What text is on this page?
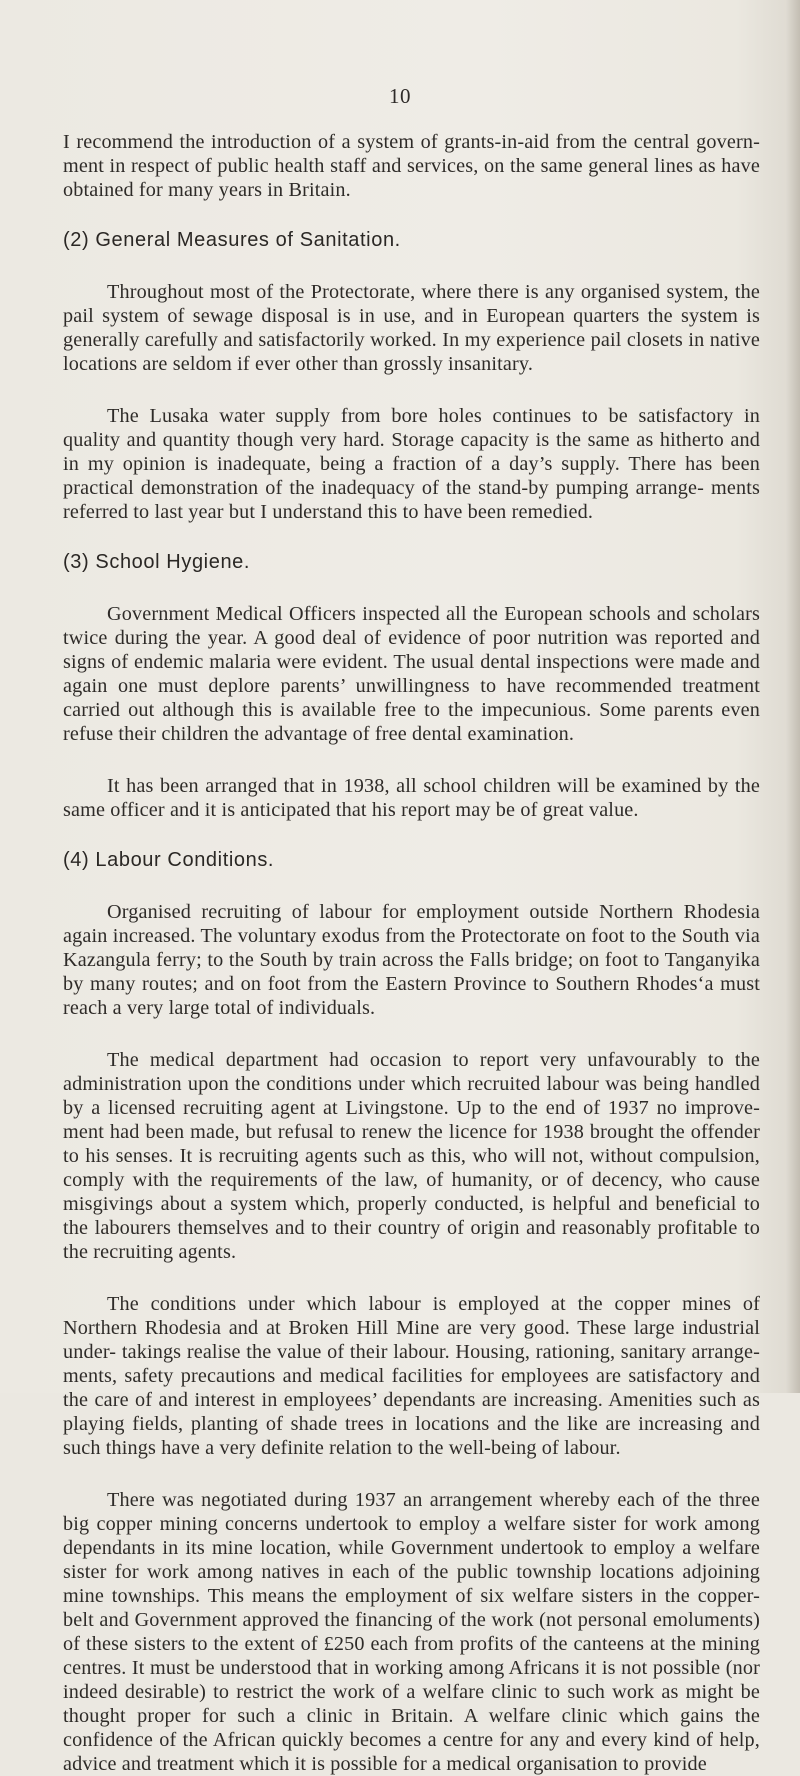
10

I recommend the introduction of a system of grants-in-aid from the central govern- ment in respect of public health staff and services, on the same general lines as have obtained for many years in Britain.

(2) General Measures of Sanitation.

Throughout most of the Protectorate, where there is any organised system, the pail system of sewage disposal is in use, and in European quarters the system is generally carefully and satisfactorily worked. In my experience pail closets in native locations are seldom if ever other than grossly insanitary.

The Lusaka water supply from bore holes continues to be satisfactory in quality and quantity though very hard. Storage capacity is the same as hitherto and in my opinion is inadequate, being a fraction of a day’s supply. There has been practical demonstration of the inadequacy of the stand-by pumping arrange- ments referred to last year but I understand this to have been remedied.

(3) School Hygiene.

Government Medical Officers inspected all the European schools and scholars twice during the year. A good deal of evidence of poor nutrition was reported and signs of endemic malaria were evident. The usual dental inspections were made and again one must deplore parents’ unwillingness to have recommended treatment carried out although this is available free to the impecunious. Some parents even refuse their children the advantage of free dental examination.

It has been arranged that in 1938, all school children will be examined by the same officer and it is anticipated that his report may be of great value.

(4) Labour Conditions.

Organised recruiting of labour for employment outside Northern Rhodesia again increased. The voluntary exodus from the Protectorate on foot to the South via Kazangula ferry; to the South by train across the Falls bridge; on foot to Tanganyika by many routes; and on foot from the Eastern Province to Southern Rhodes‘a must reach a very large total of individuals.

The medical department had occasion to report very unfavourably to the administration upon the conditions under which recruited labour was being handled by a licensed recruiting agent at Livingstone. Up to the end of 1937 no improve- ment had been made, but refusal to renew the licence for 1938 brought the offender to his senses. It is recruiting agents such as this, who will not, without compulsion, comply with the requirements of the law, of humanity, or of decency, who cause misgivings about a system which, properly conducted, is helpful and beneficial to the labourers themselves and to their country of origin and reasonably profitable to the recruiting agents.

The conditions under which labour is employed at the copper mines of Northern Rhodesia and at Broken Hill Mine are very good. These large industrial under- takings realise the value of their labour. Housing, rationing, sanitary arrange- ments, safety precautions and medical facilities for employees are satisfactory and the care of and interest in employees’ dependants are increasing. Amenities such as playing fields, planting of shade trees in locations and the like are increasing and such things have a very definite relation to the well-being of labour.

There was negotiated during 1937 an arrangement whereby each of the three big copper mining concerns undertook to employ a welfare sister for work among dependants in its mine location, while Government undertook to employ a welfare sister for work among natives in each of the public township locations adjoining mine townships. This means the employment of six welfare sisters in the copper- belt and Government approved the financing of the work (not personal emoluments) of these sisters to the extent of £250 each from profits of the canteens at the mining centres. It must be understood that in working among Africans it is not possible (nor indeed desirable) to restrict the work of a welfare clinic to such work as might be thought proper for such a clinic in Britain. A welfare clinic which gains the confidence of the African quickly becomes a centre for any and every kind of help, advice and treatment which it is possible for a medical organisation to provide
